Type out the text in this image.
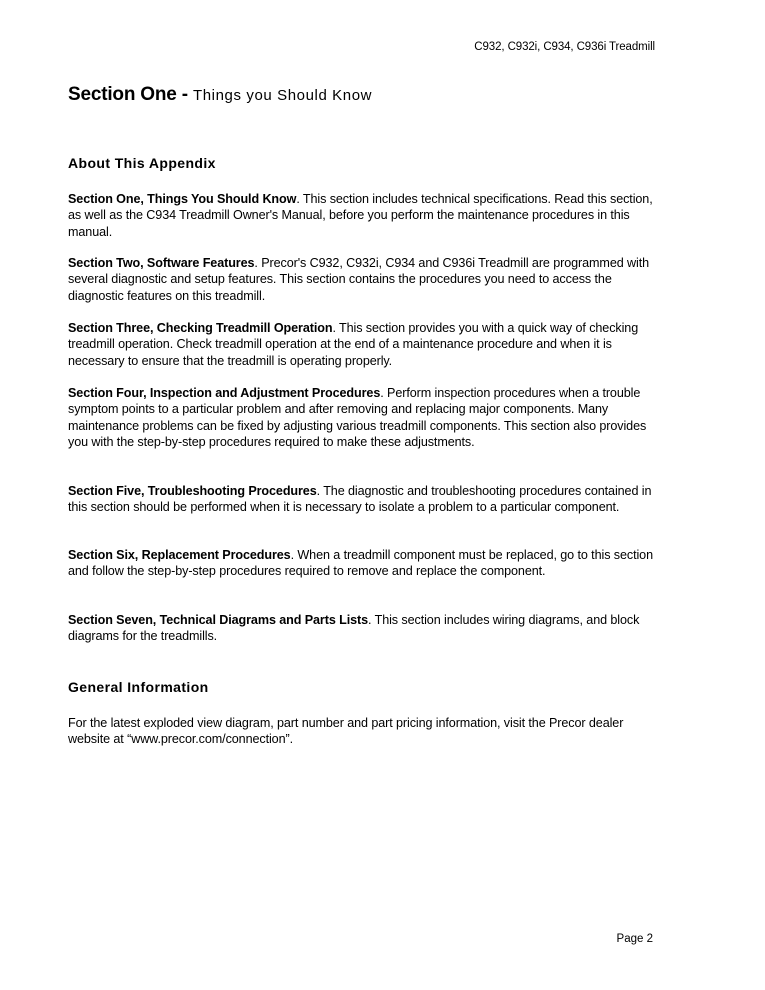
C932, C932i, C934, C936i Treadmill
Section One - Things you Should Know
About This Appendix

Section One, Things You Should Know. This section includes technical specifications. Read this section, as well as the C934 Treadmill Owner's Manual, before you perform the maintenance procedures in this manual.

Section Two, Software Features. Precor's C932, C932i, C934 and C936i Treadmill are programmed with several diagnostic and setup features. This section contains the procedures you need to access the diagnostic features on this treadmill.

Section Three, Checking Treadmill Operation. This section provides you with a quick way of checking treadmill operation. Check treadmill operation at the end of a maintenance procedure and when it is necessary to ensure that the treadmill is operating properly.

Section Four, Inspection and Adjustment Procedures. Perform inspection procedures when a trouble symptom points to a particular problem and after removing and replacing major components. Many maintenance problems can be fixed by adjusting various treadmill components. This section also provides you with the step-by-step procedures required to make these adjustments.

Section Five, Troubleshooting Procedures. The diagnostic and troubleshooting procedures contained in this section should be performed when it is necessary to isolate a problem to a particular component.

Section Six, Replacement Procedures. When a treadmill component must be replaced, go to this section and follow the step-by-step procedures required to remove and replace the component.

Section Seven, Technical Diagrams and Parts Lists. This section includes wiring diagrams, and block diagrams for the treadmills.

General Information

For the latest exploded view diagram, part number and part pricing information, visit the Precor dealer website at “www.precor.com/connection”.

Page 2
